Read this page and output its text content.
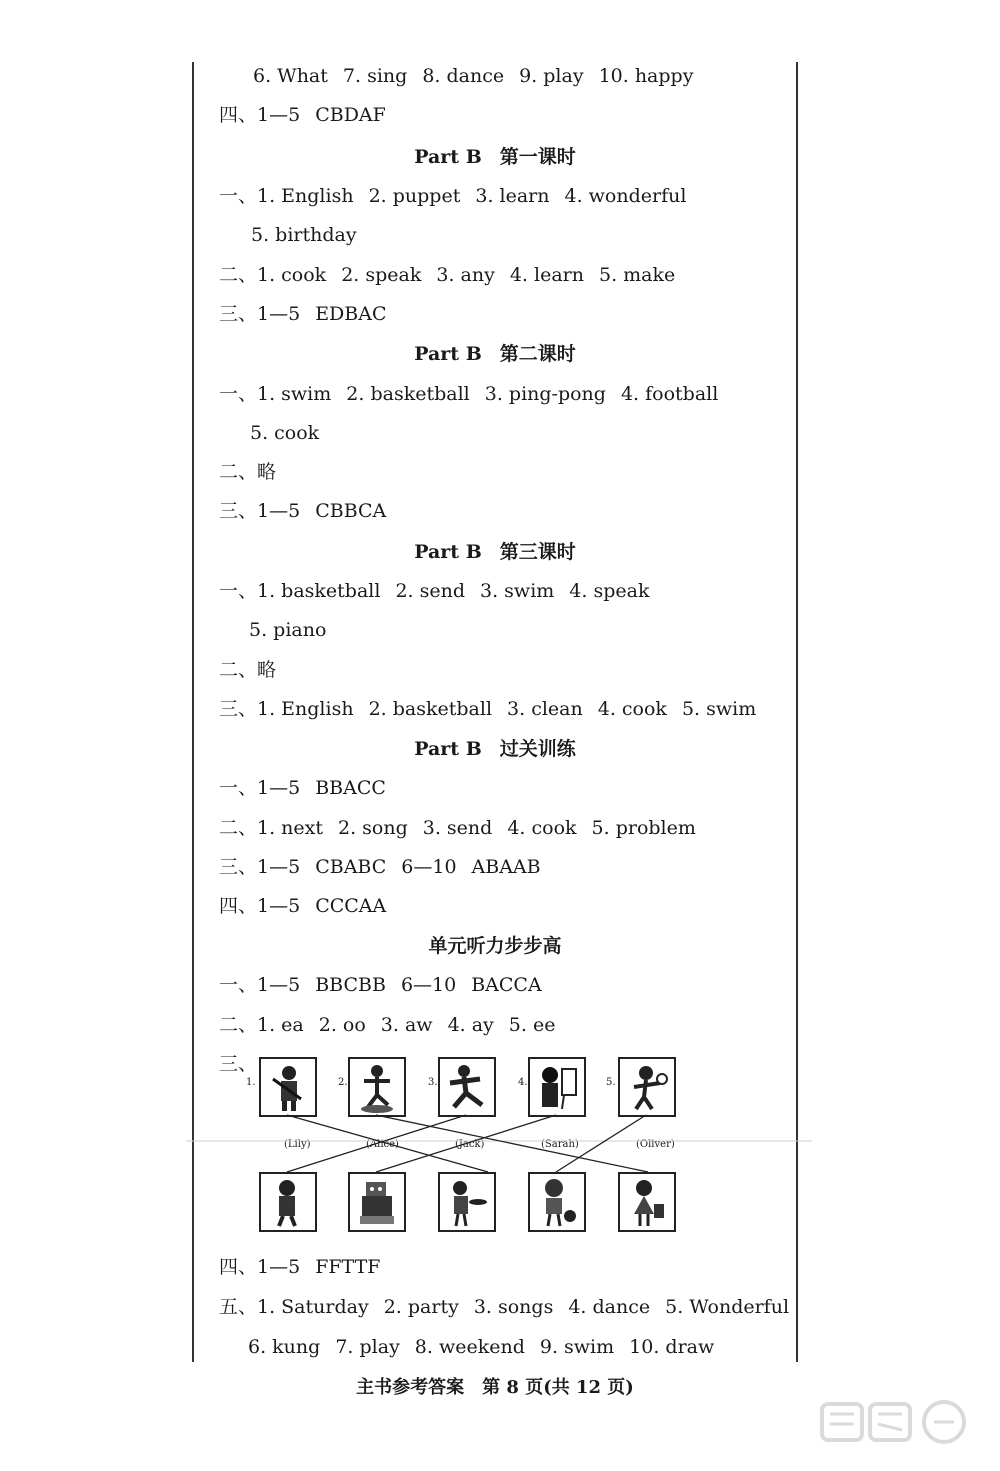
6. What 7. sing 8. dance 9. play 10. happy
四、1—5 CBDAF
一、1. English 2. puppet 3. learn 4. wonderful
5. birthday
二、1. cook 2. speak 3. any 4. learn 5. make
三、1—5 EDBAC
一、1. swim 2. basketball 3. ping-pong 4. football
5. cook
二、略
三、1—5 CBBCA
一、1. basketball 2. send 3. swim 4. speak
5. piano
二、略
三、1. English 2. basketball 3. clean 4. cook 5. swim
一、1—5 BBACC
二、1. next 2. song 3. send 4. cook 5. problem
三、1—5 CBABC 6—10 ABAAB
四、1—5 CCCAA
一、1—5 BBCBB 6—10 BACCA
二、1. ea 2. oo 3. aw 4. ay 5. ee
三、
四、1—5 FFTTF
五、1. Saturday 2. party 3. songs 4. dance 5. Wonderful
6. kung 7. play 8. weekend 9. swim 10. draw
Part B 第一课时
Part B 第二课时
Part B 第三课时
Part B 过关训练
单元听力步步高
1.	2.	3.	4.	5.
(Lily)	(Alice)	(Jack)	(Sarah)	(Oliver)
主书参考答案　第 8 页(共 12 页)
